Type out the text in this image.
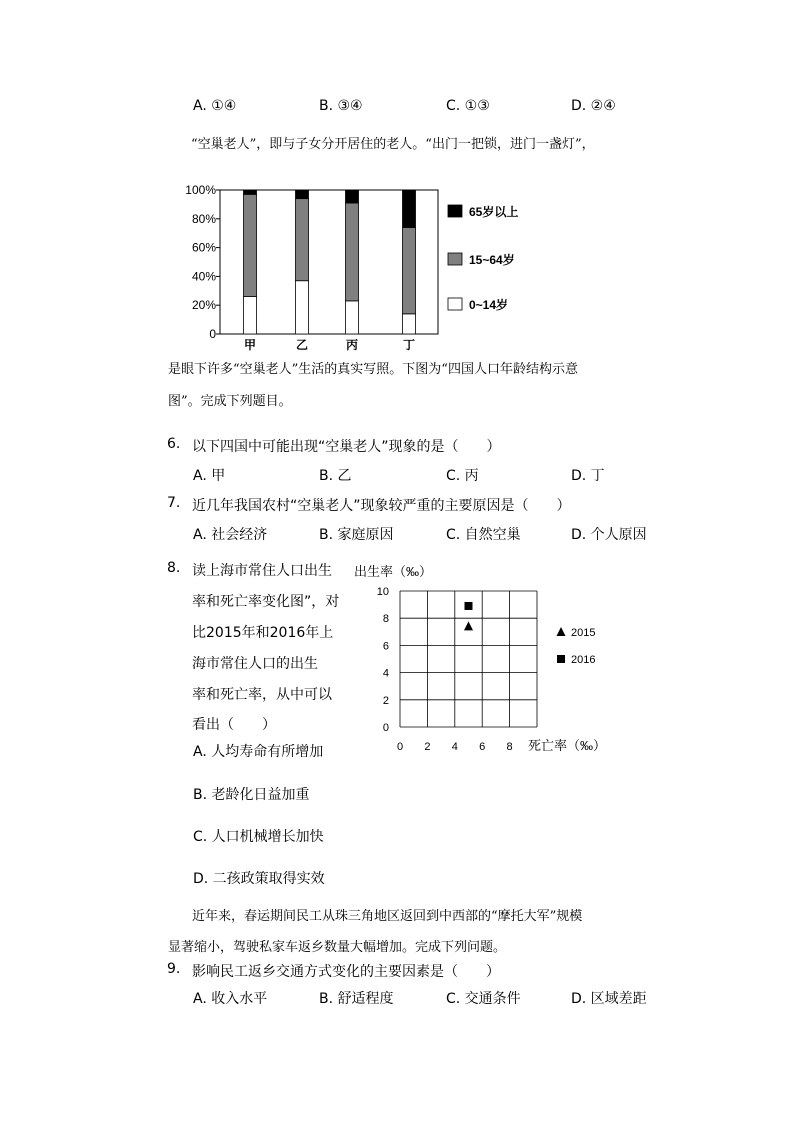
A. ①④	B. ③④	C. ①③	D. ②④
“空巢老人”，即与子女分开居住的老人。“出门一把锁，进门一盏灯”，
0
20%
40%
60%
80%
100%
甲	乙	丙	丁
65岁以上
15~64岁
0~14岁
是眼下许多“空巢老人”生活的真实写照。下图为“四国人口年龄结构示意
图”。完成下列题目。
6. 以下四国中可能出现“空巢老人”现象的是（　　）
A. 甲	B. 乙	C. 丙	D. 丁
7. 近几年我国农村“空巢老人”现象较严重的主要原因是（　　）
A. 社会经济	B. 家庭原因	C. 自然空巢	D. 个人原因
8. 读上海市常住人口出生
率和死亡率变化图”，对
比2015年和2016年上
海市常住人口的出生
率和死亡率，从中可以
看出（　　）	0
2
4
6
8
10
0 2 4 6 8
出生率（‰）
死亡率（‰）
2015
2016
A. 人均寿命有所增加
B. 老龄化日益加重
C. 人口机械增长加快
D. 二孩政策取得实效
近年来，春运期间民工从珠三角地区返回到中西部的“摩托大军”规模
显著缩小，驾驶私家车返乡数量大幅增加。完成下列问题。
9. 影响民工返乡交通方式变化的主要因素是（　　）
A. 收入水平	B. 舒适程度	C. 交通条件	D. 区域差距
